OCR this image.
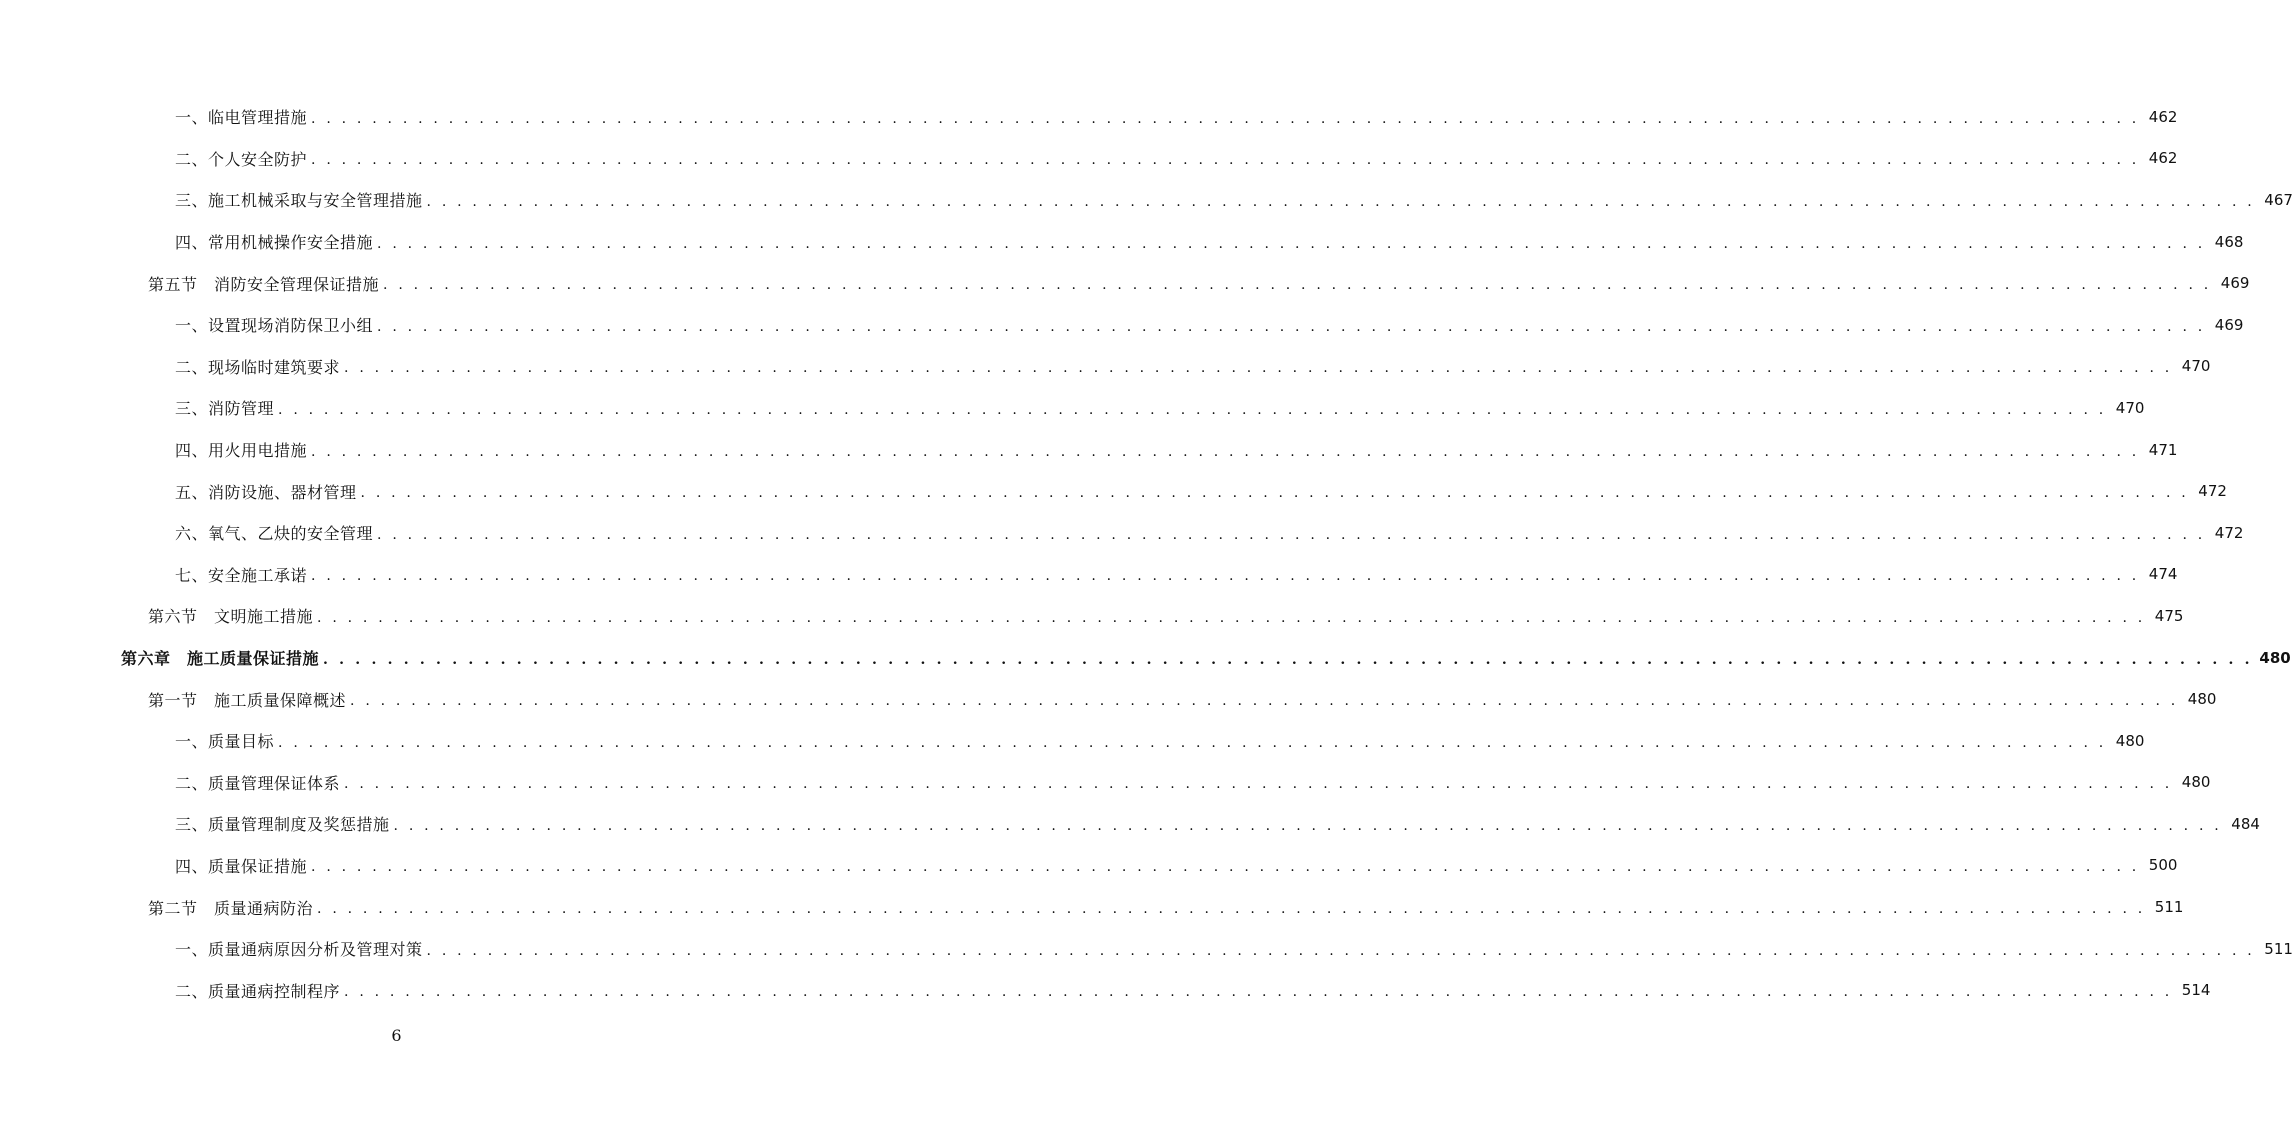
一、临电管理措施 . . . . . . . . . . . . . . . . . . . . . . . . . . . . . . . . . . . . . . . . . . . . . . . . . . . . . . . . . . . . . . . . . . . . . . . . . . . . . . . . . . . . . . . . . . . . . . . . . . . . . . . . . . . . . . . . . . . . . . . . 462
二、个人安全防护 . . . . . . . . . . . . . . . . . . . . . . . . . . . . . . . . . . . . . . . . . . . . . . . . . . . . . . . . . . . . . . . . . . . . . . . . . . . . . . . . . . . . . . . . . . . . . . . . . . . . . . . . . . . . . . . . . . . . . . . . 462
三、施工机械采取与安全管理措施 . . . . . . . . . . . . . . . . . . . . . . . . . . . . . . . . . . . . . . . . . . . . . . . . . . . . . . . . . . . . . . . . . . . . . . . . . . . . . . . . . . . . . . . . . . . . . . . . . . . . . . . . . . . . . . . . . . . . . . . . 467
四、常用机械操作安全措施 . . . . . . . . . . . . . . . . . . . . . . . . . . . . . . . . . . . . . . . . . . . . . . . . . . . . . . . . . . . . . . . . . . . . . . . . . . . . . . . . . . . . . . . . . . . . . . . . . . . . . . . . . . . . . . . . . . . . . . . . 468
第五节　消防安全管理保证措施 . . . . . . . . . . . . . . . . . . . . . . . . . . . . . . . . . . . . . . . . . . . . . . . . . . . . . . . . . . . . . . . . . . . . . . . . . . . . . . . . . . . . . . . . . . . . . . . . . . . . . . . . . . . . . . . . . . . . . . . . 469
一、设置现场消防保卫小组 . . . . . . . . . . . . . . . . . . . . . . . . . . . . . . . . . . . . . . . . . . . . . . . . . . . . . . . . . . . . . . . . . . . . . . . . . . . . . . . . . . . . . . . . . . . . . . . . . . . . . . . . . . . . . . . . . . . . . . . . 469
二、现场临时建筑要求 . . . . . . . . . . . . . . . . . . . . . . . . . . . . . . . . . . . . . . . . . . . . . . . . . . . . . . . . . . . . . . . . . . . . . . . . . . . . . . . . . . . . . . . . . . . . . . . . . . . . . . . . . . . . . . . . . . . . . . . . 470
三、消防管理 . . . . . . . . . . . . . . . . . . . . . . . . . . . . . . . . . . . . . . . . . . . . . . . . . . . . . . . . . . . . . . . . . . . . . . . . . . . . . . . . . . . . . . . . . . . . . . . . . . . . . . . . . . . . . . . . . . . . . . . . 470
四、用火用电措施 . . . . . . . . . . . . . . . . . . . . . . . . . . . . . . . . . . . . . . . . . . . . . . . . . . . . . . . . . . . . . . . . . . . . . . . . . . . . . . . . . . . . . . . . . . . . . . . . . . . . . . . . . . . . . . . . . . . . . . . . 471
五、消防设施、器材管理 . . . . . . . . . . . . . . . . . . . . . . . . . . . . . . . . . . . . . . . . . . . . . . . . . . . . . . . . . . . . . . . . . . . . . . . . . . . . . . . . . . . . . . . . . . . . . . . . . . . . . . . . . . . . . . . . . . . . . . . . 472
六、氧气、乙炔的安全管理 . . . . . . . . . . . . . . . . . . . . . . . . . . . . . . . . . . . . . . . . . . . . . . . . . . . . . . . . . . . . . . . . . . . . . . . . . . . . . . . . . . . . . . . . . . . . . . . . . . . . . . . . . . . . . . . . . . . . . . . . 472
七、安全施工承诺 . . . . . . . . . . . . . . . . . . . . . . . . . . . . . . . . . . . . . . . . . . . . . . . . . . . . . . . . . . . . . . . . . . . . . . . . . . . . . . . . . . . . . . . . . . . . . . . . . . . . . . . . . . . . . . . . . . . . . . . . 474
第六节　文明施工措施 . . . . . . . . . . . . . . . . . . . . . . . . . . . . . . . . . . . . . . . . . . . . . . . . . . . . . . . . . . . . . . . . . . . . . . . . . . . . . . . . . . . . . . . . . . . . . . . . . . . . . . . . . . . . . . . . . . . . . . . . 475
第六章　施工质量保证措施 . . . . . . . . . . . . . . . . . . . . . . . . . . . . . . . . . . . . . . . . . . . . . . . . . . . . . . . . . . . . . . . . . . . . . . . . . . . . . . . . . . . . . . . . . . . . . . . . . . . . . . . . . . . . . . . . . . . . . . . . 480
第一节　施工质量保障概述 . . . . . . . . . . . . . . . . . . . . . . . . . . . . . . . . . . . . . . . . . . . . . . . . . . . . . . . . . . . . . . . . . . . . . . . . . . . . . . . . . . . . . . . . . . . . . . . . . . . . . . . . . . . . . . . . . . . . . . . . 480
一、质量目标 . . . . . . . . . . . . . . . . . . . . . . . . . . . . . . . . . . . . . . . . . . . . . . . . . . . . . . . . . . . . . . . . . . . . . . . . . . . . . . . . . . . . . . . . . . . . . . . . . . . . . . . . . . . . . . . . . . . . . . . . 480
二、质量管理保证体系 . . . . . . . . . . . . . . . . . . . . . . . . . . . . . . . . . . . . . . . . . . . . . . . . . . . . . . . . . . . . . . . . . . . . . . . . . . . . . . . . . . . . . . . . . . . . . . . . . . . . . . . . . . . . . . . . . . . . . . . . 480
三、质量管理制度及奖惩措施 . . . . . . . . . . . . . . . . . . . . . . . . . . . . . . . . . . . . . . . . . . . . . . . . . . . . . . . . . . . . . . . . . . . . . . . . . . . . . . . . . . . . . . . . . . . . . . . . . . . . . . . . . . . . . . . . . . . . . . . . 484
四、质量保证措施 . . . . . . . . . . . . . . . . . . . . . . . . . . . . . . . . . . . . . . . . . . . . . . . . . . . . . . . . . . . . . . . . . . . . . . . . . . . . . . . . . . . . . . . . . . . . . . . . . . . . . . . . . . . . . . . . . . . . . . . . 500
第二节　质量通病防治 . . . . . . . . . . . . . . . . . . . . . . . . . . . . . . . . . . . . . . . . . . . . . . . . . . . . . . . . . . . . . . . . . . . . . . . . . . . . . . . . . . . . . . . . . . . . . . . . . . . . . . . . . . . . . . . . . . . . . . . . 511
一、质量通病原因分析及管理对策 . . . . . . . . . . . . . . . . . . . . . . . . . . . . . . . . . . . . . . . . . . . . . . . . . . . . . . . . . . . . . . . . . . . . . . . . . . . . . . . . . . . . . . . . . . . . . . . . . . . . . . . . . . . . . . . . . . . . . . . . 511
二、质量通病控制程序 . . . . . . . . . . . . . . . . . . . . . . . . . . . . . . . . . . . . . . . . . . . . . . . . . . . . . . . . . . . . . . . . . . . . . . . . . . . . . . . . . . . . . . . . . . . . . . . . . . . . . . . . . . . . . . . . . . . . . . . . 514
6
